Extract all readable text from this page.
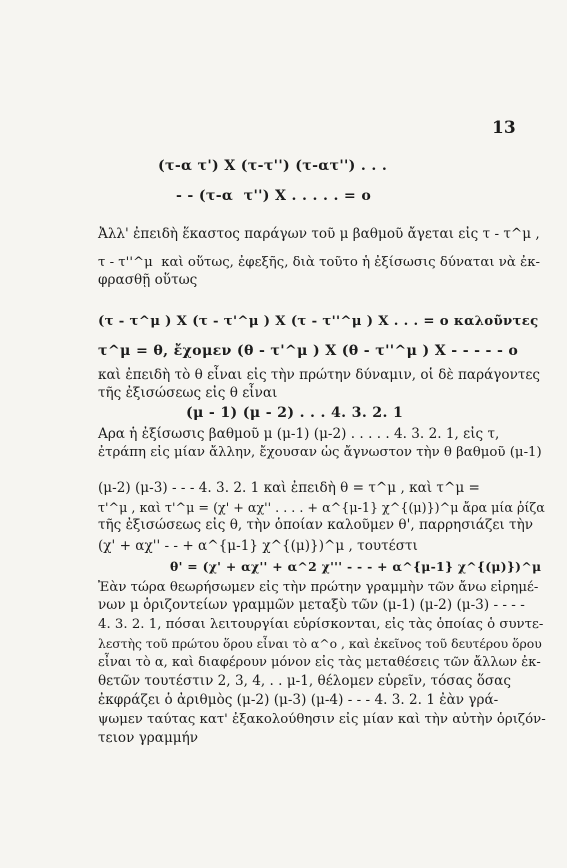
13
(τ-α τ') X (τ-τ'') (τ-ατ'') . . .
- - (τ-α  τ'') X . . . . . = o
Ἀλλ' ἐπειδὴ ἕκαστος παράγων τοῦ μ βαθμοῦ ἄγεται εἰς τ - τ^μ ,
τ - τ''^μ  καὶ οὕτως, ἐφεξῆς, διὰ τοῦτο ἡ ἐξίσωσις δύναται νὰ ἐκ-
φρασθῇ οὕτως
(τ - τ^μ ) X (τ - τ'^μ ) X (τ - τ''^μ ) X . . . = o καλοῦντες
τ^μ = θ, ἔχομεν (θ - τ'^μ ) X (θ - τ''^μ ) X - - - - - o
καὶ ἐπειδὴ τὸ θ εἶναι εἰς τὴν πρώτην δύναμιν, οἱ δὲ παράγοντες
τῆς ἐξισώσεως εἰς θ εἶναι
(μ - 1) (μ - 2) . . . 4. 3. 2. 1
Αρα ἡ ἐξίσωσις βαθμοῦ μ (μ-1) (μ-2) . . . . . 4. 3. 2. 1, εἰς τ,
ἐτράπη εἰς μίαν ἄλλην, ἔχουσαν ὡς ἄγνωστον τὴν θ βαθμοῦ (μ-1)
(μ-2) (μ-3) - - - 4. 3. 2. 1 καὶ ἐπειδὴ θ = τ^μ , καὶ τ^μ =
τ'^μ , καὶ τ'^μ = (χ' + αχ'' . . . . + α^{μ-1} χ^{(μ)})^μ ἄρα μία ῥίζα
τῆς ἐξισώσεως εἰς θ, τὴν ὁποίαν καλοῦμεν θ', παρρησιάζει τὴν
(χ' + αχ'' - - + α^{μ-1} χ^{(μ)})^μ , τουτέστι
θ' = (χ' + αχ'' + α^2 χ''' - - - + α^{μ-1} χ^{(μ)})^μ
Ἐὰν τώρα θεωρήσωμεν εἰς τὴν πρώτην γραμμὴν τῶν ἄνω εἰρημέ-
νων μ ὁριζοντείων γραμμῶν μεταξὺ τῶν (μ-1) (μ-2) (μ-3) - - - -
4. 3. 2. 1, πόσαι λειτουργίαι εὑρίσκονται, εἰς τὰς ὁποίας ὁ συντε-
λεστὴς τοῦ πρώτου ὅρου εἶναι τὸ α^o , καὶ ἐκεῖνος τοῦ δευτέρου ὅρου
εἶναι τὸ α, καὶ διαφέρουν μόνον εἰς τὰς μεταθέσεις τῶν ἄλλων ἐκ-
θετῶν τουτέστιν 2, 3, 4, . . μ-1, θέλομεν εὑρεῖν, τόσας ὅσας
ἐκφράζει ὁ ἀριθμὸς (μ-2) (μ-3) (μ-4) - - - 4. 3. 2. 1 ἐὰν γρά-
ψωμεν ταύτας κατ' ἐξακολούθησιν εἰς μίαν καὶ τὴν αὐτὴν ὁριζόν-
τειον γραμμήν
